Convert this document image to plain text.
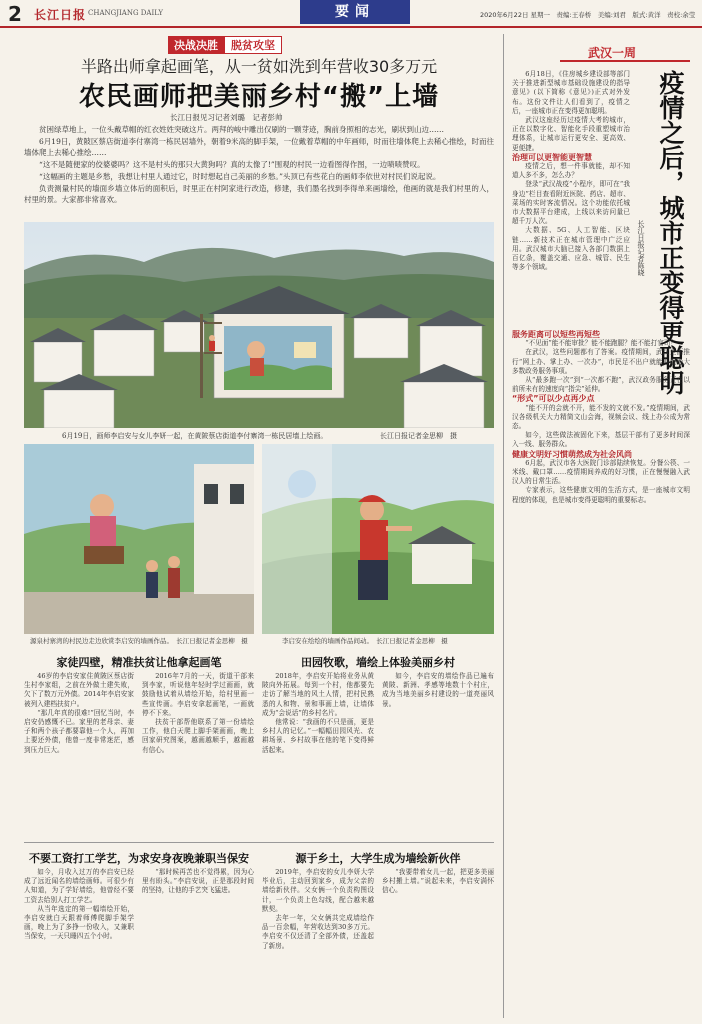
2 长江日报 CHANGJIANG DAILY	要闻	2020年6月22日 星期一　责编:王春桥　美编:刘君　版式:黄洋　责校:余莹
决战决胜 脱贫攻坚
半路出师拿起画笔，从一贫如洗到年营收30多万元
农民画师把美丽乡村“搬”上墙
长江日报见习记者刘璐　记者彭帅

贫困绿草地上，一位头戴草帽的红衣姓姓突破这片。两拜的峻中雕出仅刷的一颗芽迹，胸前身照相的志光，刷状到山边……

6月19日，黄陂区蔡店街道李付寨湾一栋民居墙外，朝着9米高的脚手架，一位戴着草帽的中年画师，时而往墙体爬上去稀心推绘，时而往墙体爬上去稀心推绘……

“这不是随便家的佼婆婆吗？这不是村头的那只大黄狗吗？真的太像了!”围观的村民一边看图得作图，一边啧啧赞叹。

“这幅画的主题是乡愁，我想让村里人通过它，时时想起自己美丽的乡愁。”头顶已有些花白的画师李依世对村民们说起说。

负责测量村民的墙面乡墙立体后的面积后，时里正在村阿家进行改造，修建，我们墨名找到李得单来画墙绘，他画的就是我们村里的人，村里的景。大家都非常喜欢。

6月19日，画师李启安与女儿李妍一起，在黄陂蔡店街道李付寨湾一栋民居墙上绘画。	长江日报记者金思柳　摄
源泉村寨湾的村民边走边欣赏李启安的墙画作品。　 长江日报记者金思柳　摄	李启安在绘绘的墙画作品间动。　 长江日报记者金思柳　摄
家徒四壁，精准扶贫让他拿起画笔

46岁的李启安家住黄陂区蔡店街生村李家组，之前在外做土建失败，欠下了数万元外债。2014年李启安家被列入建档扶贫户。

“那几年真的很难!”回忆当时，李启安仍感慨不已。家里的老母亲、妻子和两个孩子都要靠他一个人，再加上要还外债，他曾一度非常迷茫，感到压力巨大。

2016年7月的一天，街道干部来到李家，听说他年轻时学过画画，就鼓励他试着从墙绘开始，给村里画一些宣传画。李启安拿起画笔，一画就停不下来。

扶贫干部帮他联系了第一份墙绘工作，他白天爬上脚手架画画，晚上回家研究图案，越画越顺手，越画越有信心。

田园牧歌，墙绘上体验美丽乡村

2018年，李启安开始将业务从黄陂向外拓展。每到一个村，他都要先走访了解当地的风土人情，把村民熟悉的人和物、景和事画上墙，让墙体成为“会说话”的乡村名片。

他常说：“我画的不只是画，更是乡村人的记忆。”一幅幅田园风光、农耕场景、乡村故事在他的笔下变得鲜活起来。

如今，李启安的墙绘作品已遍布黄陂、新洲、孝感等地数十个村庄，成为当地美丽乡村建设的一道亮丽风景。

不要工资打工学艺，为求安身夜晚兼职当保安

如今，月收入过万的李启安已经成了远近闻名的墙绘画师。可很少有人知道，为了学好墙绘，他曾经不要工资去给别人打工学艺。

从当年选定的第一幅墙绘开始，李启安就白天跟着师傅爬脚手架学画，晚上为了多挣一份收入，又兼职当保安，一天只睡四五个小时。

“那时候再苦也不觉得累，因为心里有盼头。”李启安说，正是那段时间的坚持，让他的手艺突飞猛进。

源于乡土，大学生成为墙绘新伙伴

2019年，李启安的女儿李妍大学毕业后，主动回到家乡，成为父亲的墙绘新伙伴。父女俩一个负责构图设计，一个负责上色勾线，配合越来越默契。

去年一年，父女俩共完成墙绘作品一百余幅，年营收达到30多万元。李启安不仅还清了全部外债，还盖起了新房。

“我要带着女儿一起，把更多美丽乡村搬上墙。”说起未来，李启安满怀信心。

武汉一周
疫情之后，城市正变得更聪明
长江日报记者陈晓

6月18日，《住房城乡建设部等部门关于推进新型城市基础设施建设的指导意见》(以下简称《意见》)正式对外发布。这份文件让人们看到了，疫情之后，一座城市正在变得更加聪明。

武汉这座经历过疫情大考的城市，正在以数字化、智能化手段重塑城市治理体系，让城市运行更安全、更高效、更便捷。

治理可以更智能更智慧

疫情之后，想一件事就能，却不知道人多不多，怎么办？

登录“武汉战疫”小程序，即可在“我身边”栏目查看附近医院、药店、超市、菜场的实时客流情况。这个功能依托城市大数据平台建成，上线以来访问量已超千万人次。

大数据、5G、人工智能、区块链……新技术正在城市管理中广泛应用。武汉城市大脑已接入各部门数据上百亿条，覆盖交通、应急、城管、民生等多个领域。

服务距离可以短些再短些

“不见面”能不能审批？能不能跑腿？能不能打官司？

在武汉，这些问题都有了答案。疫情期间，武汉全面推行“网上办、掌上办、一次办”，市民足不出户就能办理绝大多数政务服务事项。

从“最多跑一次”到“一次都不跑”，武汉政务服务正在以前所未有的速度向“指尖”延伸。

“形式”可以少点再少点

“能不开的会就不开，能不发的文就不发。”疫情期间，武汉各级机关大力精简文山会海，视频会议、线上办公成为常态。

如今，这些做法被固化下来，基层干部有了更多时间深入一线、服务群众。

健康文明好习惯萌然成为社会风尚

6月起，武汉市各大医院门诊部陆续恢复。分餐公筷、一米线、戴口罩……疫情期间养成的好习惯，正在慢慢融入武汉人的日常生活。

专家表示，这些健康文明的生活方式，是一座城市文明程度的体现，也是城市变得更聪明的重要标志。
